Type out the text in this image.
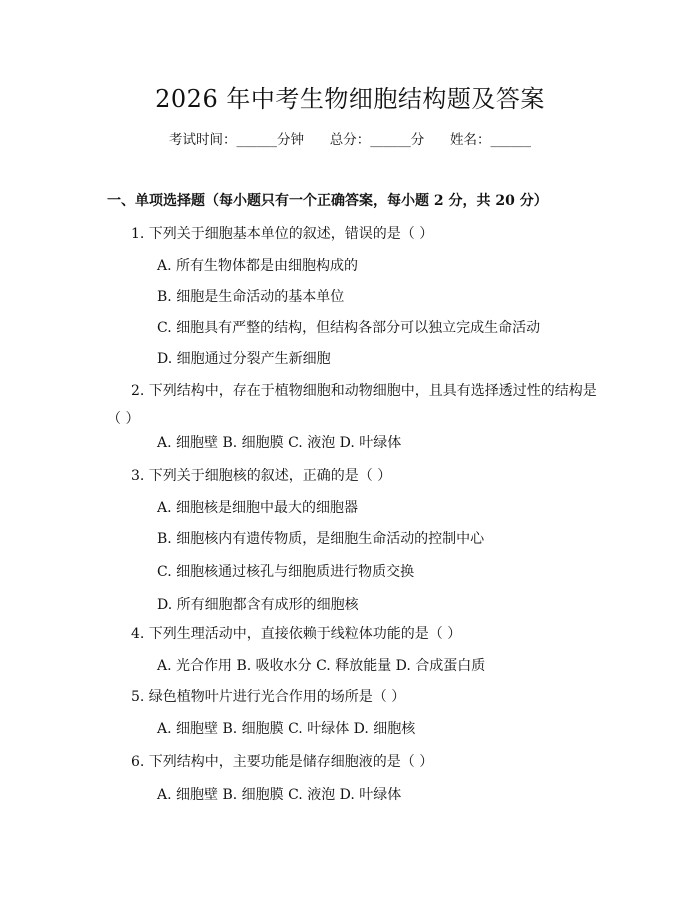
2026 年中考生物细胞结构题及答案
考试时间：______分钟      总分：______分      姓名：______
一、单项选择题（每小题只有一个正确答案，每小题 2 分，共 20 分）
1. 下列关于细胞基本单位的叙述，错误的是（ ）
A. 所有生物体都是由细胞构成的
B. 细胞是生命活动的基本单位
C. 细胞具有严整的结构，但结构各部分可以独立完成生命活动
D. 细胞通过分裂产生新细胞
2. 下列结构中，存在于植物细胞和动物细胞中，且具有选择透过性的结构是（ ）
A. 细胞壁 B. 细胞膜 C. 液泡 D. 叶绿体
3. 下列关于细胞核的叙述，正确的是（ ）
A. 细胞核是细胞中最大的细胞器
B. 细胞核内有遗传物质，是细胞生命活动的控制中心
C. 细胞核通过核孔与细胞质进行物质交换
D. 所有细胞都含有成形的细胞核
4. 下列生理活动中，直接依赖于线粒体功能的是（ ）
A. 光合作用 B. 吸收水分 C. 释放能量 D. 合成蛋白质
5. 绿色植物叶片进行光合作用的场所是（ ）
A. 细胞壁 B. 细胞膜 C. 叶绿体 D. 细胞核
6. 下列结构中，主要功能是储存细胞液的是（ ）
A. 细胞壁 B. 细胞膜 C. 液泡 D. 叶绿体
